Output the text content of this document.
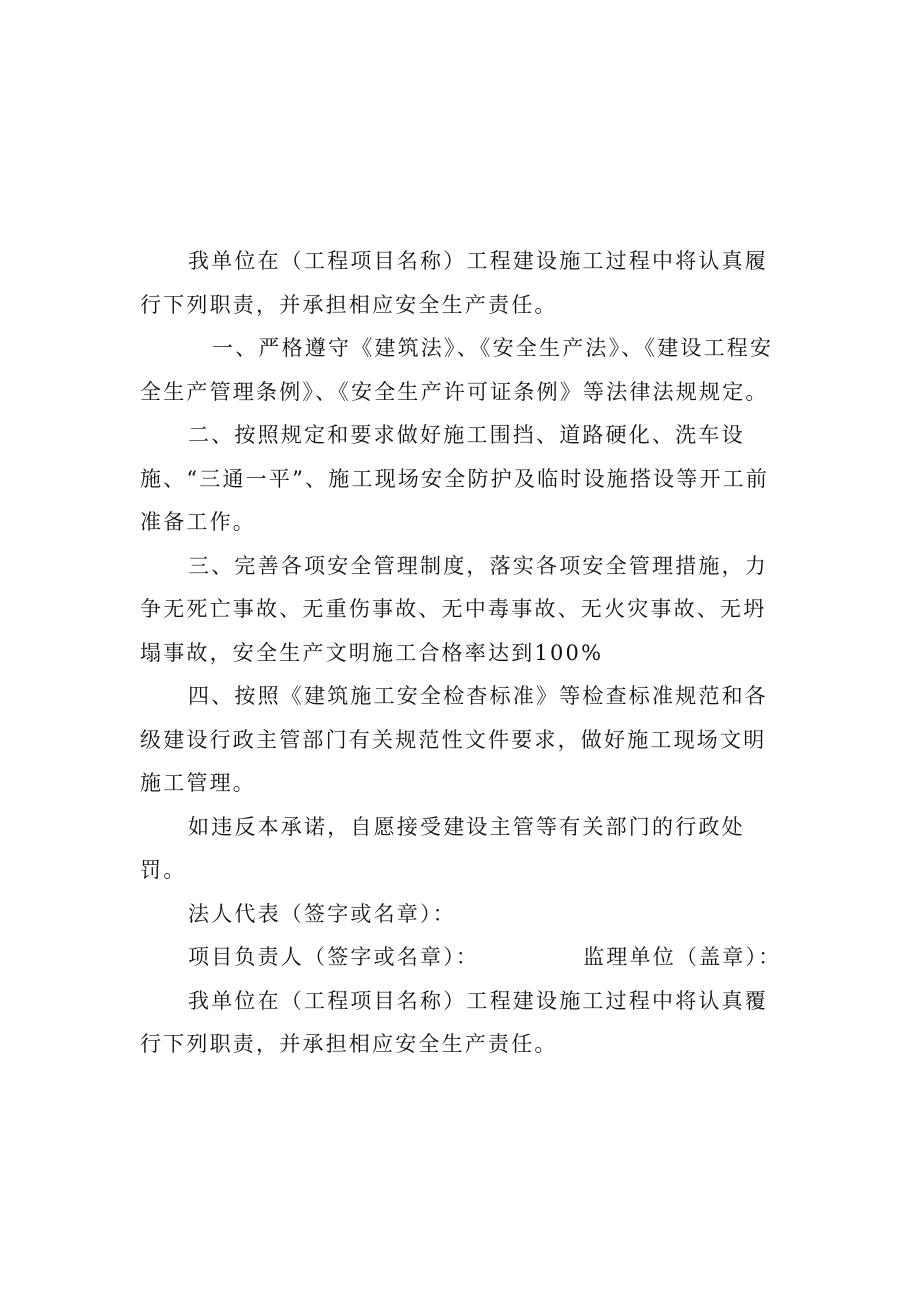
我单位在（工程项目名称）工程建设施工过程中将认真履行下列职责，并承担相应安全生产责任。

一、严格遵守《建筑法》、《安全生产法》、《建设工程安全生产管理条例》、《安全生产许可证条例》等法律法规规定。

二、按照规定和要求做好施工围挡、道路硬化、洗车设施、“三通一平”、施工现场安全防护及临时设施搭设等开工前准备工作。

三、完善各项安全管理制度，落实各项安全管理措施，力争无死亡事故、无重伤事故、无中毒事故、无火灾事故、无坍塌事故，安全生产文明施工合格率达到100%

四、按照《建筑施工安全检杳标准》等检查标准规范和各级建设行政主管部门有关规范性文件要求，做好施工现场文明施工管理。

如违反本承诺，自愿接受建设主管等有关部门的行政处罚。

法人代表（签字或名章）：

项目负责人（签字或名章）：	监理单位（盖章）：

我单位在（工程项目名称）工程建设施工过程中将认真覆行下列职责，并承担相应安全生产责任。
